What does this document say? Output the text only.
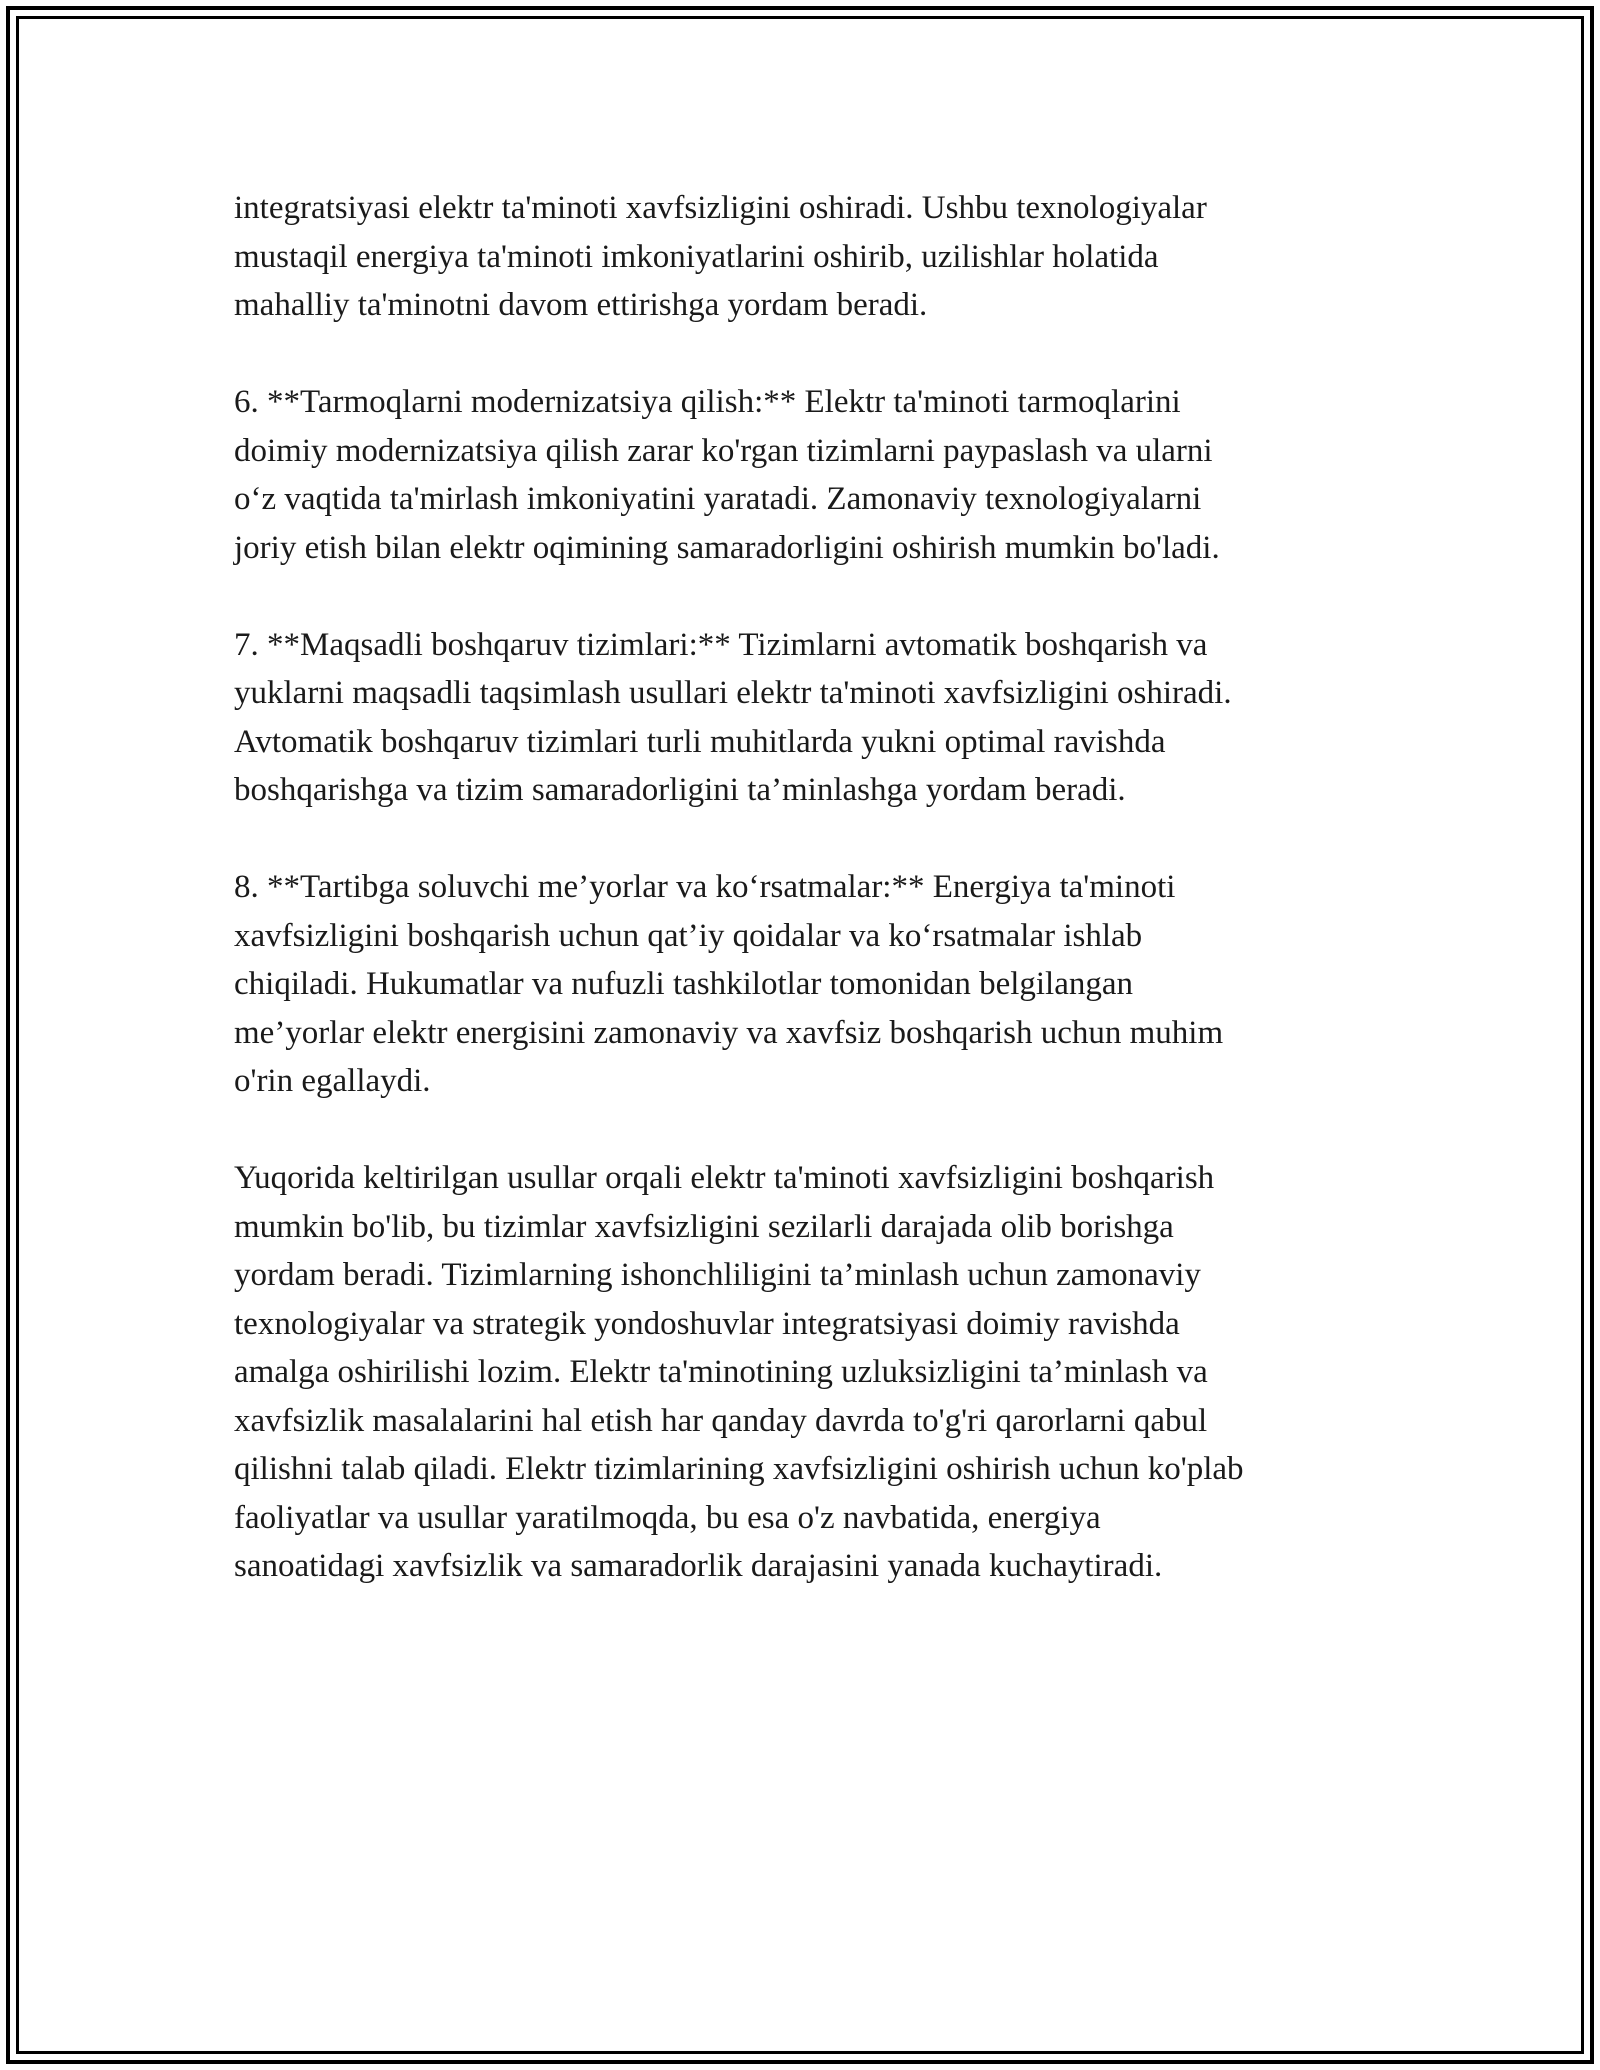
integratsiyasi elektr ta'minoti xavfsizligini oshiradi. Ushbu texnologiyalar
mustaqil energiya ta'minoti imkoniyatlarini oshirib, uzilishlar holatida
mahalliy ta'minotni davom ettirishga yordam beradi.

6. **Tarmoqlarni modernizatsiya qilish:** Elektr ta'minoti tarmoqlarini
doimiy modernizatsiya qilish zarar ko'rgan tizimlarni paypaslash va ularni
o‘z vaqtida ta'mirlash imkoniyatini yaratadi. Zamonaviy texnologiyalarni
joriy etish bilan elektr oqimining samaradorligini oshirish mumkin bo'ladi.

7. **Maqsadli boshqaruv tizimlari:** Tizimlarni avtomatik boshqarish va
yuklarni maqsadli taqsimlash usullari elektr ta'minoti xavfsizligini oshiradi.
Avtomatik boshqaruv tizimlari turli muhitlarda yukni optimal ravishda
boshqarishga va tizim samaradorligini ta’minlashga yordam beradi.

8. **Tartibga soluvchi me’yorlar va ko‘rsatmalar:** Energiya ta'minoti
xavfsizligini boshqarish uchun qat’iy qoidalar va ko‘rsatmalar ishlab
chiqiladi. Hukumatlar va nufuzli tashkilotlar tomonidan belgilangan
me’yorlar elektr energisini zamonaviy va xavfsiz boshqarish uchun muhim
o'rin egallaydi.

Yuqorida keltirilgan usullar orqali elektr ta'minoti xavfsizligini boshqarish
mumkin bo'lib, bu tizimlar xavfsizligini sezilarli darajada olib borishga
yordam beradi. Tizimlarning ishonchliligini ta’minlash uchun zamonaviy
texnologiyalar va strategik yondoshuvlar integratsiyasi doimiy ravishda
amalga oshirilishi lozim. Elektr ta'minotining uzluksizligini ta’minlash va
xavfsizlik masalalarini hal etish har qanday davrda to'g'ri qarorlarni qabul
qilishni talab qiladi. Elektr tizimlarining xavfsizligini oshirish uchun ko'plab
faoliyatlar va usullar yaratilmoqda, bu esa o'z navbatida, energiya
sanoatidagi xavfsizlik va samaradorlik darajasini yanada kuchaytiradi.
